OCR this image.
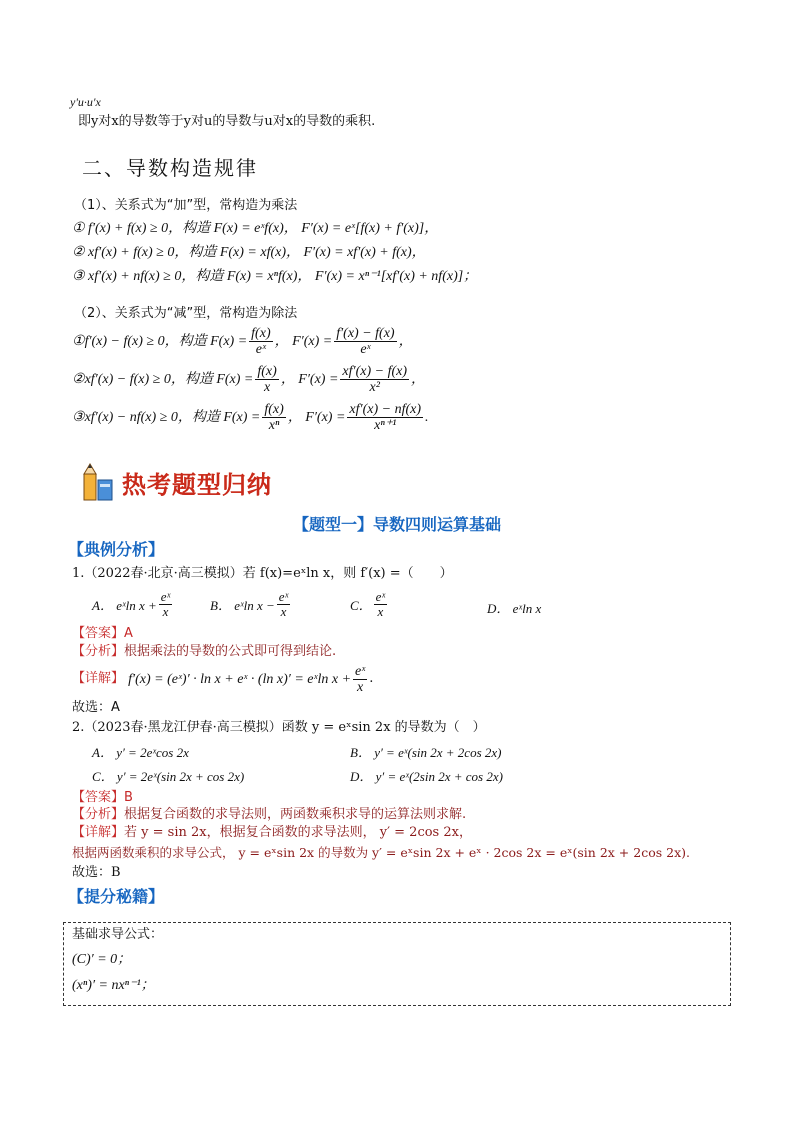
y'u·u'x
即y对x的导数等于y对u的导数与u对x的导数的乘积.
二、导数构造规律
（1）、关系式为“加”型，常构造为乘法
① f′(x) + f(x) ≥ 0，构造 F(x) = eˣf(x)， F′(x) = eˣ[f(x) + f′(x)]，
② xf′(x) + f(x) ≥ 0，构造 F(x) = xf(x)， F′(x) = xf′(x) + f(x)，
③ xf′(x) + nf(x) ≥ 0，构造 F(x) = xⁿf(x)， F′(x) = xⁿ⁻¹[xf′(x) + nf(x)]；
（2）、关系式为“减”型，常构造为除法
① f′(x) − f(x) ≥ 0，构造
$F(x) = \frac{f(x)}{\text{eˣ}}$ ， $F'(x) = \frac{f'(x) - f(x)}{\text{eˣ}}$ ，
② xf′(x) − f(x) ≥ 0，构造
$F(x) = \frac{f(x)}{x}$ ， $F'(x) = \frac{xf'(x) - f(x)}{\text{x²}}$ ，
③ xf′(x) − nf(x) ≥ 0，构造
$F(x) = \frac{f(x)}{\text{xⁿ}}$ ， $F'(x) = \frac{xf'(x) - nf(x)}{\text{xⁿ⁺¹}}$ .
热考题型归纳
【题型一】导数四则运算基础
【典例分析】
1.（2022春·北京·高三模拟）若 f(x)=eˣln x，则 f′(x) =（　　）
A． eˣln $x + \frac{\text{eˣ}}{x}$	B． eˣln $x - \frac{\text{eˣ}}{x}$	C． $\frac{\text{eˣ}}{x}$	D． eˣln x
【答案】A
【分析】根据乘法的导数的公式即可得到结论.
【详解】
f′(x) = (eˣ)′ · ln x + eˣ · (ln x)′ = eˣln $x + \frac{\text{eˣ}}{x}$ .
故选：A
2.（2023春·黑龙江伊春·高三模拟）函数 y = eˣsin 2x 的导数为（　）
A． y′ = 2eˣcos 2x	B． y′ = eˣ(sin 2x + 2cos 2x)
C． y′ = 2eˣ(sin 2x + cos 2x)	D． y′ = eˣ(2sin 2x + cos 2x)
【答案】B
【分析】根据复合函数的求导法则，两函数乘积求导的运算法则求解.
【详解】若 y = sin 2x，根据复合函数的求导法则， y′ = 2cos 2x，
根据两函数乘积的求导公式， y = eˣsin 2x 的导数为 y′ = eˣsin 2x + eˣ · 2cos 2x = eˣ(sin 2x + 2cos 2x).
故选：B
【提分秘籍】
基础求导公式：
(C)′ = 0；
(xⁿ)′ = nxⁿ⁻¹；
